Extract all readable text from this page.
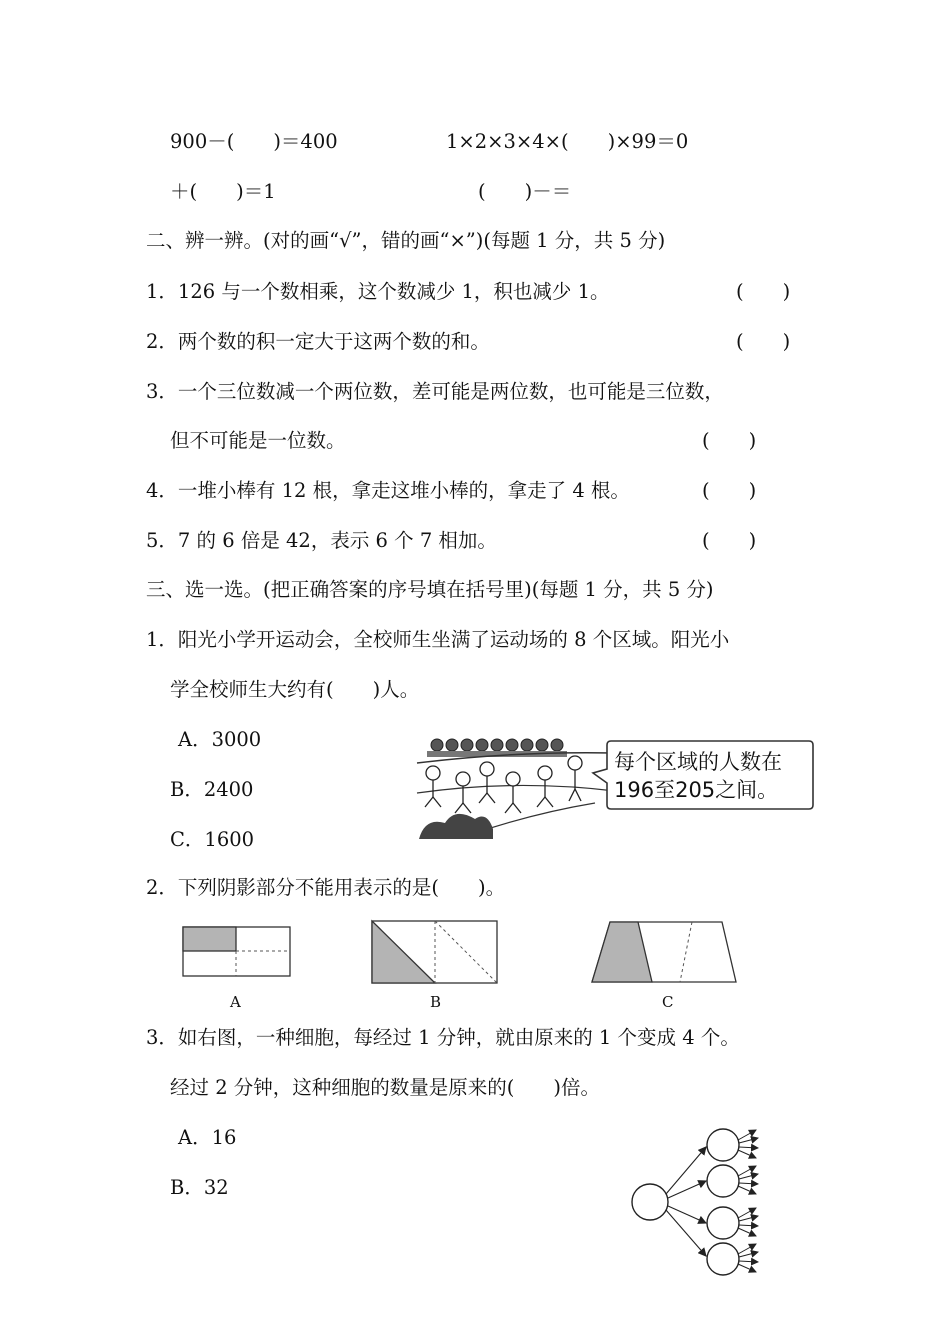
900－(　　)＝400	1×2×3×4×(　　)×99＝0
＋(　　)＝1	(　　)－＝
二、辨一辨。(对的画“√”，错的画“×”)(每题 1 分，共 5 分)
1．126 与一个数相乘，这个数减少 1，积也减少 1。	(　　)
2．两个数的积一定大于这两个数的和。	(　　)
3．一个三位数减一个两位数，差可能是两位数，也可能是三位数，
但不可能是一位数。	(　　)
4．一堆小棒有 12 根，拿走这堆小棒的，拿走了 4 根。	(　　)
5．7 的 6 倍是 42，表示 6 个 7 相加。	(　　)
三、选一选。(把正确答案的序号填在括号里)(每题 1 分，共 5 分)
1．阳光小学开运动会，全校师生坐满了运动场的 8 个区域。阳光小
学全校师生大约有(　　)人。
A．3000
B．2400
C．1600
每个区域的人数在
196至205之间。
2．下列阴影部分不能用表示的是(　　)。
A	B	C
3．如右图，一种细胞，每经过 1 分钟，就由原来的 1 个变成 4 个。
经过 2 分钟，这种细胞的数量是原来的(　　)倍。
A．16
B．32
